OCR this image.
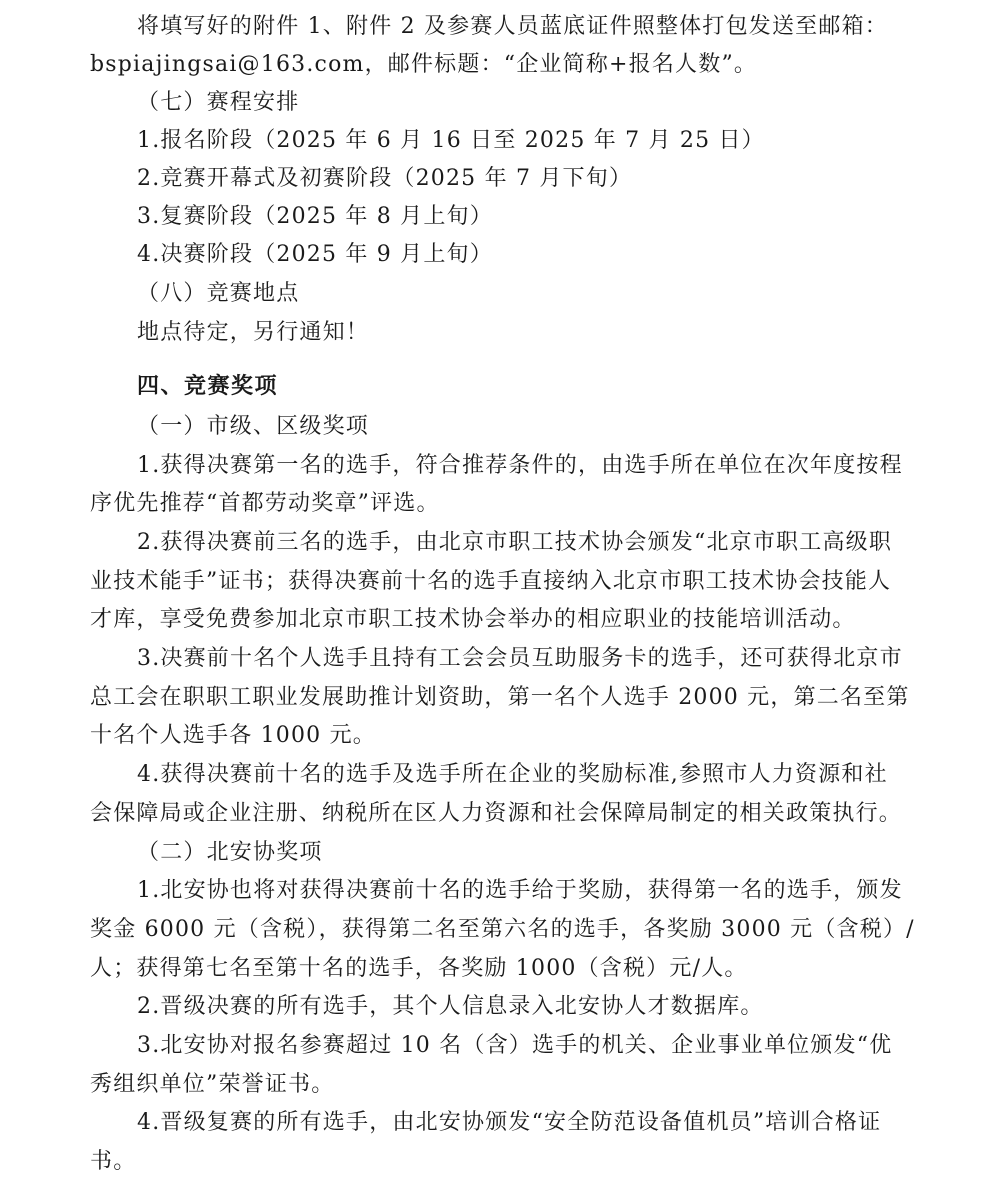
将填写好的附件 1、附件 2 及参赛人员蓝底证件照整体打包发送至邮箱：
bspiajingsai@163.com，邮件标题：“企业简称+报名人数”。
（七）赛程安排
1.报名阶段（2025 年 6 月 16 日至 2025 年 7 月 25 日）
2.竞赛开幕式及初赛阶段（2025 年 7 月下旬）
3.复赛阶段（2025 年 8 月上旬）
4.决赛阶段（2025 年 9 月上旬）
（八）竞赛地点
地点待定，另行通知！
四、竞赛奖项
（一）市级、区级奖项
1.获得决赛第一名的选手，符合推荐条件的，由选手所在单位在次年度按程
序优先推荐“首都劳动奖章”评选。
2.获得决赛前三名的选手，由北京市职工技术协会颁发“北京市职工高级职
业技术能手”证书；获得决赛前十名的选手直接纳入北京市职工技术协会技能人
才库，享受免费参加北京市职工技术协会举办的相应职业的技能培训活动。
3.决赛前十名个人选手且持有工会会员互助服务卡的选手，还可获得北京市
总工会在职职工职业发展助推计划资助，第一名个人选手 2000 元，第二名至第
十名个人选手各 1000 元。
4.获得决赛前十名的选手及选手所在企业的奖励标准,参照市人力资源和社
会保障局或企业注册、纳税所在区人力资源和社会保障局制定的相关政策执行。
（二）北安协奖项
1.北安协也将对获得决赛前十名的选手给于奖励，获得第一名的选手，颁发
奖金 6000 元（含税），获得第二名至第六名的选手，各奖励 3000 元（含税）/
人；获得第七名至第十名的选手，各奖励 1000（含税）元/人。
2.晋级决赛的所有选手，其个人信息录入北安协人才数据库。
3.北安协对报名参赛超过 10 名（含）选手的机关、企业事业单位颁发“优
秀组织单位”荣誉证书。
4.晋级复赛的所有选手，由北安协颁发“安全防范设备值机员”培训合格证
书。
